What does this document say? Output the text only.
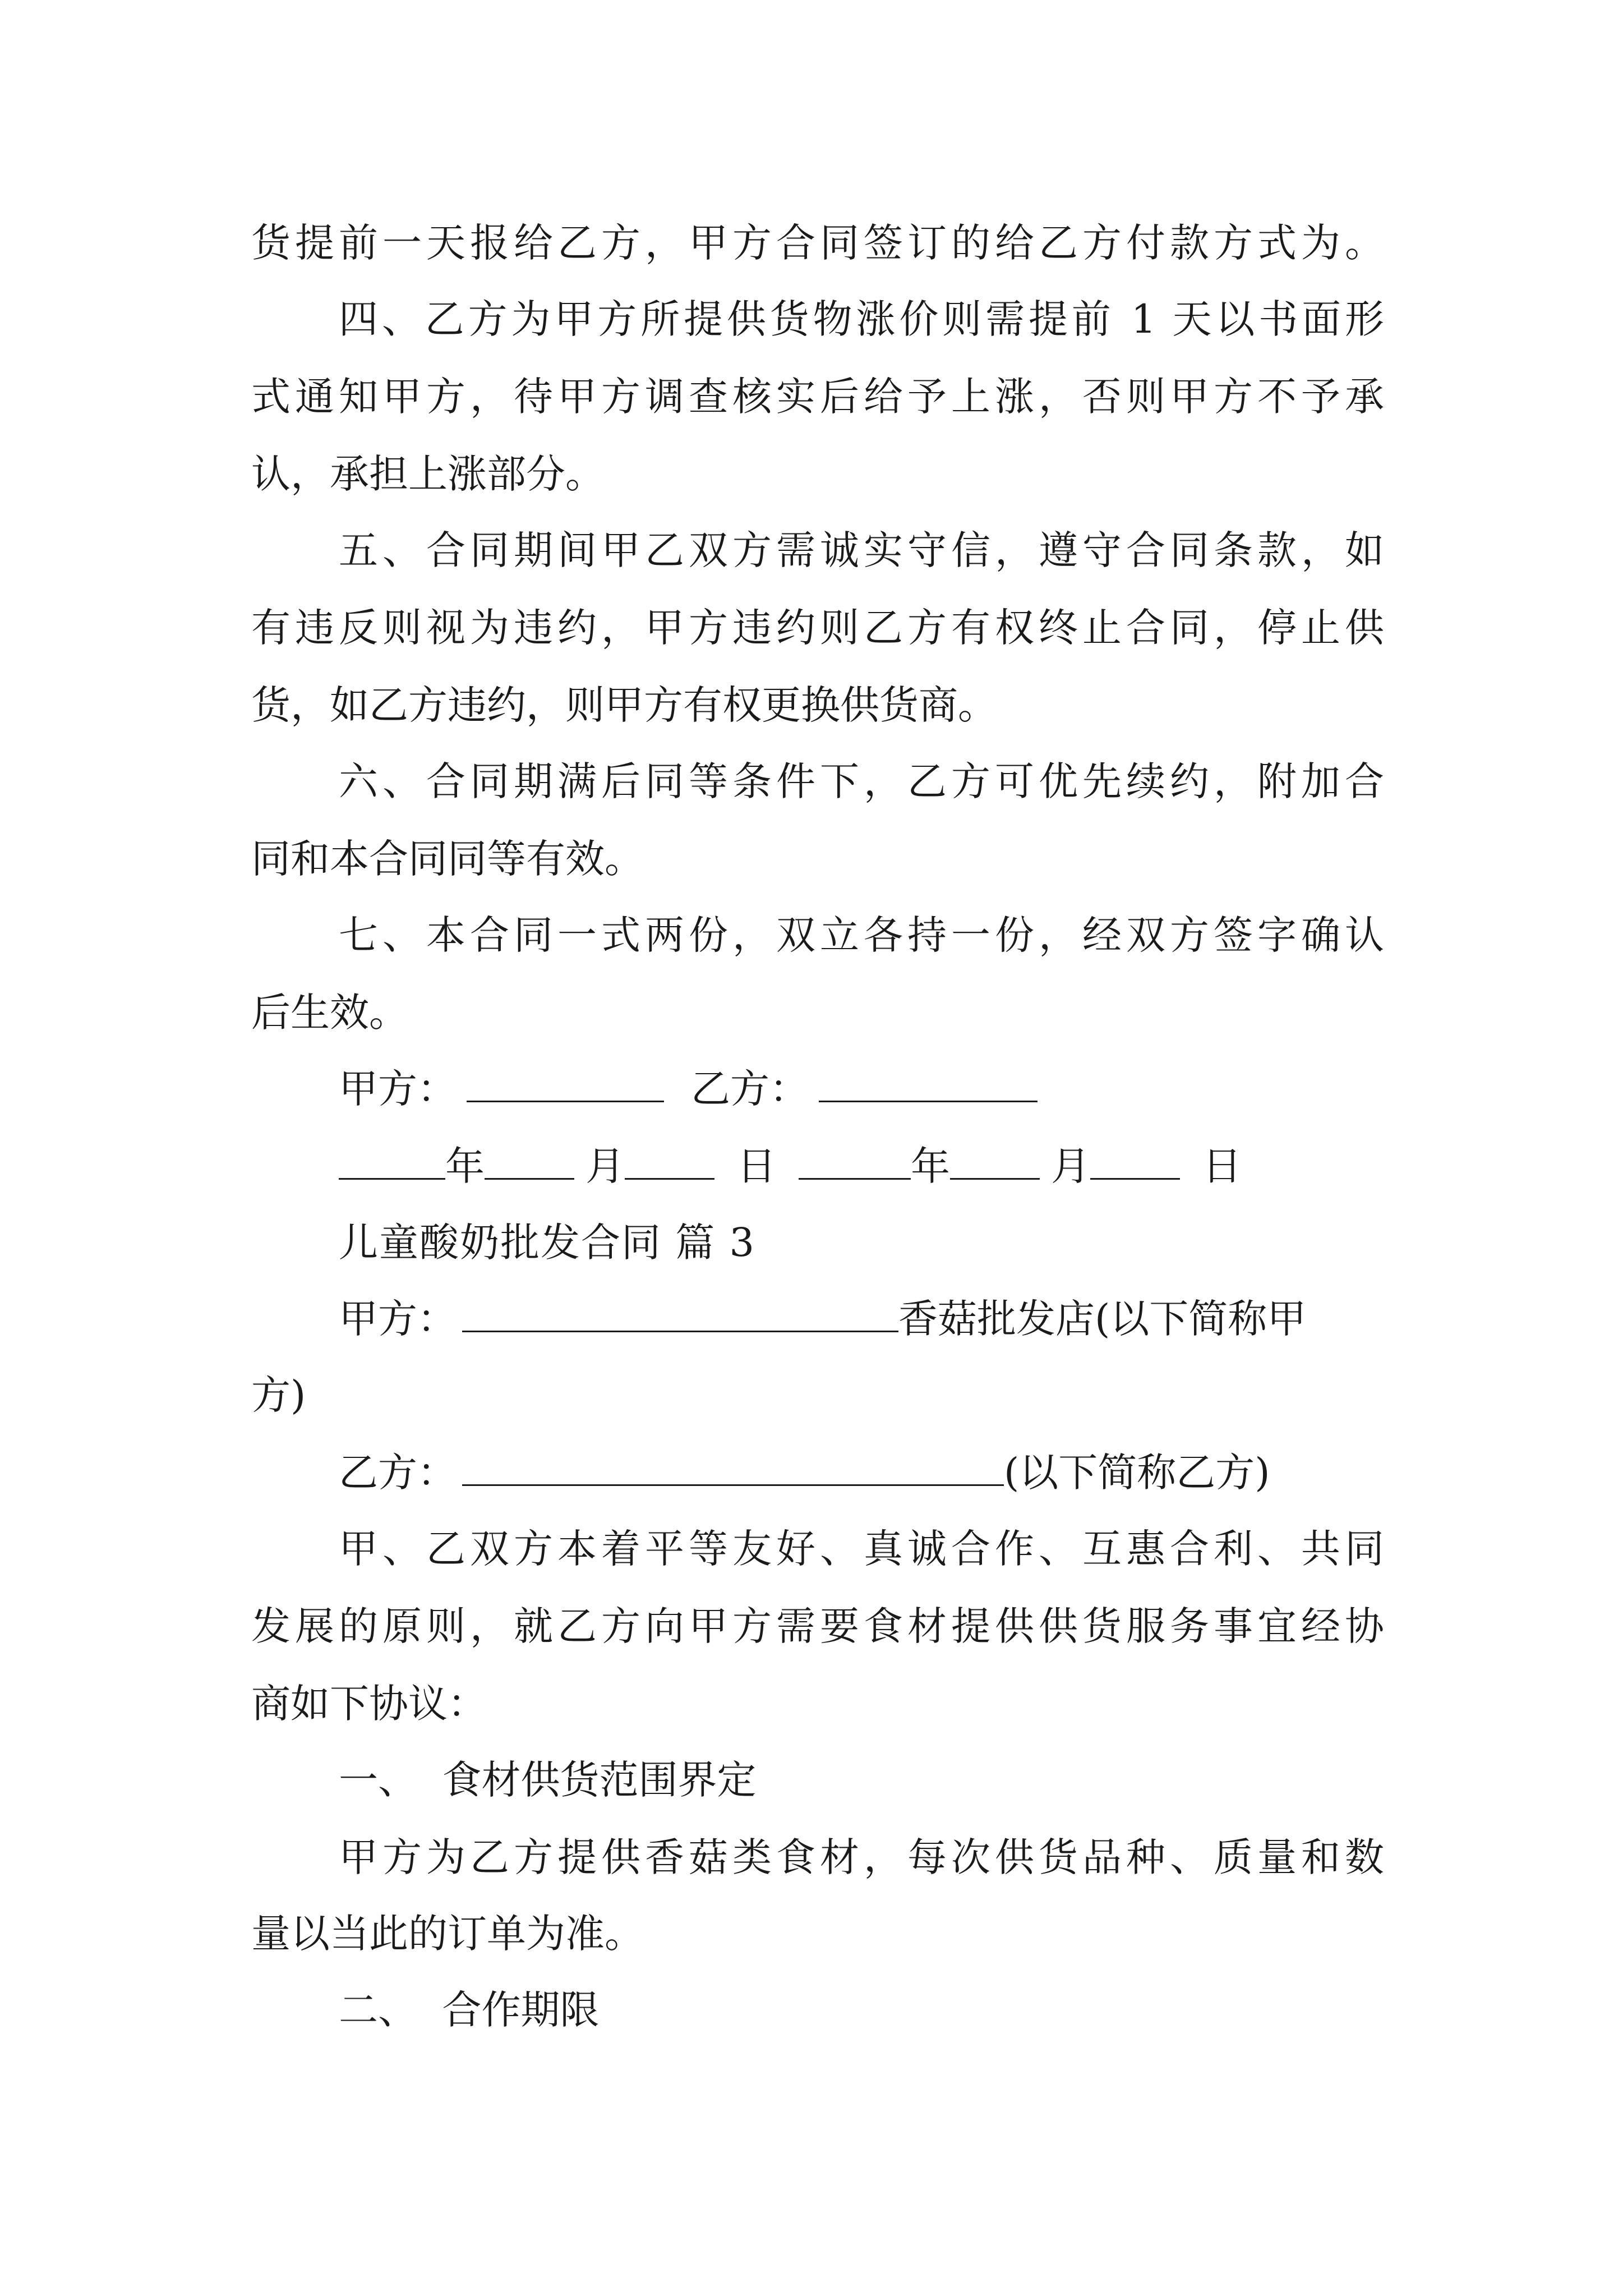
货提前一天报给乙方，甲方合同签订的给乙方付款方式为。
四、乙方为甲方所提供货物涨价则需提前 1 天以书面形
式通知甲方，待甲方调查核实后给予上涨，否则甲方不予承
认，承担上涨部分。
五、合同期间甲乙双方需诚实守信，遵守合同条款，如
有违反则视为违约，甲方违约则乙方有权终止合同，停止供
货，如乙方违约，则甲方有权更换供货商。
六、合同期满后同等条件下，乙方可优先续约，附加合
同和本合同同等有效。
七、本合同一式两份，双立各持一份，经双方签字确认
后生效。
甲方：	乙方：
年	月	日	年	月	日
儿童酸奶批发合同 篇 3
甲方：	香菇批发店(以下简称甲
方)
乙方：	(以下简称乙方)
甲、乙双方本着平等友好、真诚合作、互惠合利、共同
发展的原则，就乙方向甲方需要食材提供供货服务事宜经协
商如下协议：
一、  食材供货范围界定
甲方为乙方提供香菇类食材，每次供货品种、质量和数
量以当此的订单为准。
二、  合作期限
